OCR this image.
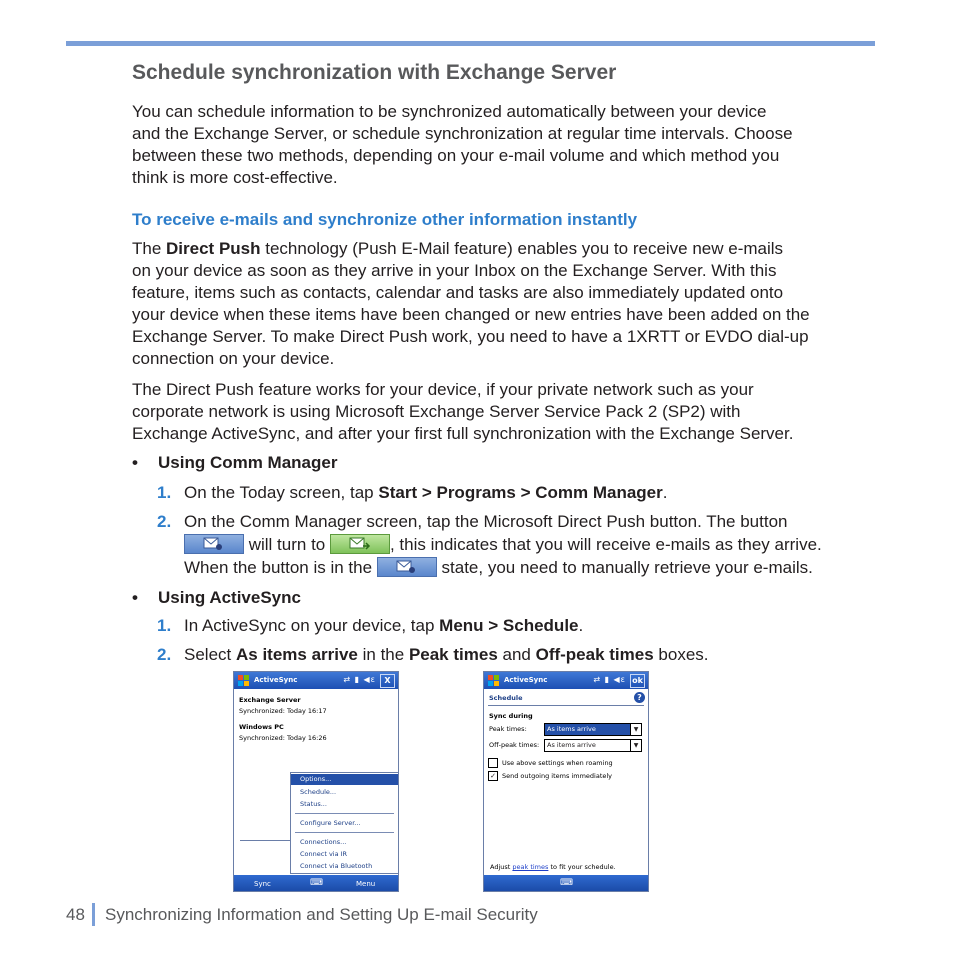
Schedule synchronization with Exchange Server
You can schedule information to be synchronized automatically between your device
and the Exchange Server, or schedule synchronization at regular time intervals. Choose
between these two methods, depending on your e-mail volume and which method you
think is more cost-effective.
To receive e-mails and synchronize other information instantly
The Direct Push technology (Push E-Mail feature) enables you to receive new e-mails
on your device as soon as they arrive in your Inbox on the Exchange Server. With this
feature, items such as contacts, calendar and tasks are also immediately updated onto
your device when these items have been changed or new entries have been added on the
Exchange Server. To make Direct Push work, you need to have a 1XRTT or EVDO dial-up
connection on your device.
The Direct Push feature works for your device, if your private network such as your
corporate network is using Microsoft Exchange Server Service Pack 2 (SP2) with
Exchange ActiveSync, and after your first full synchronization with the Exchange Server.
• Using Comm Manager
1. On the Today screen, tap Start > Programs > Comm Manager.
2. On the Comm Manager screen, tap the Microsoft Direct Push button. The button
will turn to	, this indicates that you will receive e-mails as they arrive.
When the button is in the	state, you need to manually retrieve your e-mails.
• Using ActiveSync
1. In ActiveSync on your device, tap Menu > Schedule.
2. Select As items arrive in the Peak times and Off-peak times boxes.
ActiveSync	⇄ ▮ ◀ε	X
Exchange Server
Synchronized: Today 16:17
Windows PC
Synchronized: Today 16:26
Options...
Schedule...
Status...
Configure Server...
Connections...
Connect via IR
Connect via Bluetooth
Sync	⌨	Menu
ActiveSync	⇄ ▮ ◀ε ok
Schedule	?
Sync during
Peak times:	As items arrive	▼
Off-peak times:	As items arrive	▼
Use above settings when roaming
✓ Send outgoing items immediately
Adjust peak times to fit your schedule.
⌨
48 Synchronizing Information and Setting Up E-mail Security
